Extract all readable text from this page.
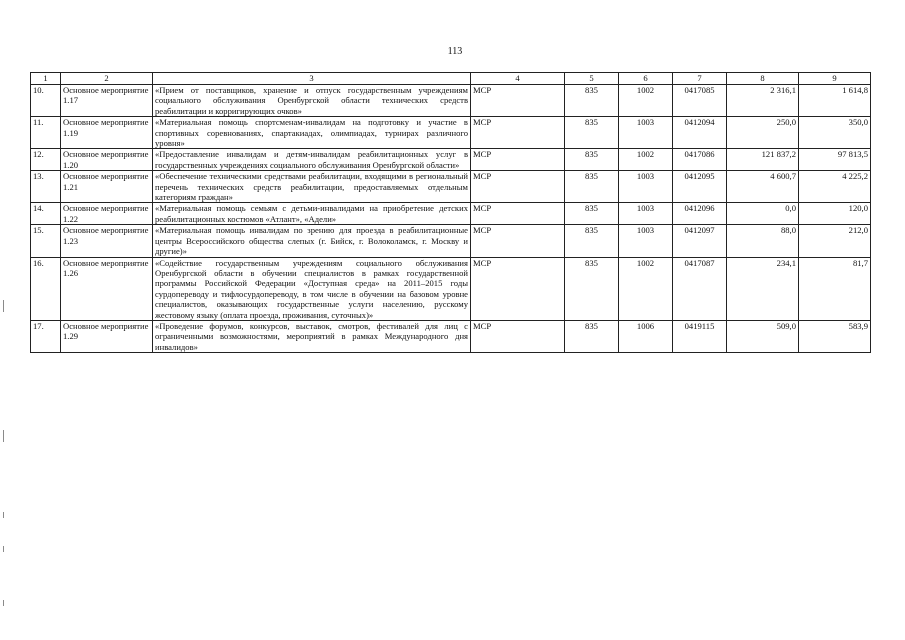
113
1	2	3	4	5	6	7	8	9
10.	Основное мероприятие 1.17	«Прием от поставщиков, хранение и отпуск государственным учреждениям социального обслуживания Оренбургской области технических средств реабилитации и корригирующих очков»	МСР	835	1002	0417085	2 316,1	1 614,8
11.	Основное мероприятие 1.19	«Материальная помощь спортсменам-инвалидам на подготовку и участие в спортивных соревнованиях, спартакиадах, олимпиадах, турнирах различного уровня»	МСР	835	1003	0412094	250,0	350,0
12.	Основное мероприятие 1.20	«Предоставление инвалидам и детям-инвалидам реабилитационных услуг в государственных учреждениях социального обслуживания Оренбургской области»	МСР	835	1002	0417086	121 837,2	97 813,5
13.	Основное мероприятие 1.21	«Обеспечение техническими средствами реабилитации, входящими в региональный перечень технических средств реабилитации, предоставляемых отдельным категориям граждан»	МСР	835	1003	0412095	4 600,7	4 225,2
14.	Основное мероприятие 1.22	«Материальная помощь семьям с детьми-инвалидами на приобретение детских реабилитационных костюмов «Атлант», «Адели»	МСР	835	1003	0412096	0,0	120,0
15.	Основное мероприятие 1.23	«Материальная помощь инвалидам по зрению для проезда в реабилитационные центры Всероссийского общества слепых (г. Бийск, г. Волоколамск, г. Москву и другие)»	МСР	835	1003	0412097	88,0	212,0
16.	Основное мероприятие 1.26	«Содействие государственным учреждениям социального обслуживания Оренбургской области в обучении специалистов в рамках государственной программы Российской Федерации «Доступная среда» на 2011–2015 годы сурдопереводу и тифлосурдопереводу, в том числе в обучении на базовом уровне специалистов, оказывающих государственные услуги населению, русскому жестовому языку (оплата проезда, проживания, суточных)»	МСР	835	1002	0417087	234,1	81,7
17.	Основное мероприятие 1.29	«Проведение форумов, конкурсов, выставок, смотров, фестивалей для лиц с ограниченными возможностями, мероприятий в рамках Международного дня инвалидов»	МСР	835	1006	0419115	509,0	583,9
